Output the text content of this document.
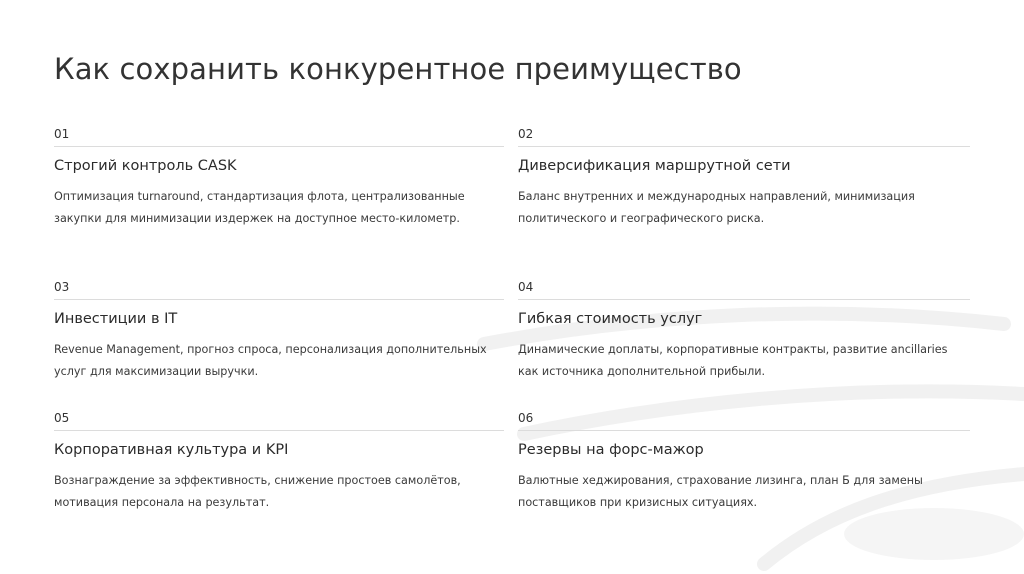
Как сохранить конкурентное преимущество
01
Строгий контроль CASK
Оптимизация turnaround, стандартизация флота, централизованные закупки для минимизации издержек на доступное место-километр.
02
Диверсификация маршрутной сети
Баланс внутренних и международных направлений, минимизация политического и географического риска.
03
Инвестиции в IT
Revenue Management, прогноз спроса, персонализация дополнительных услуг для максимизации выручки.
04
Гибкая стоимость услуг
Динамические доплаты, корпоративные контракты, развитие ancillaries как источника дополнительной прибыли.
05
Корпоративная культура и KPI
Вознаграждение за эффективность, снижение простоев самолётов, мотивация персонала на результат.
06
Резервы на форс-мажор
Валютные хеджирования, страхование лизинга, план Б для замены поставщиков при кризисных ситуациях.
